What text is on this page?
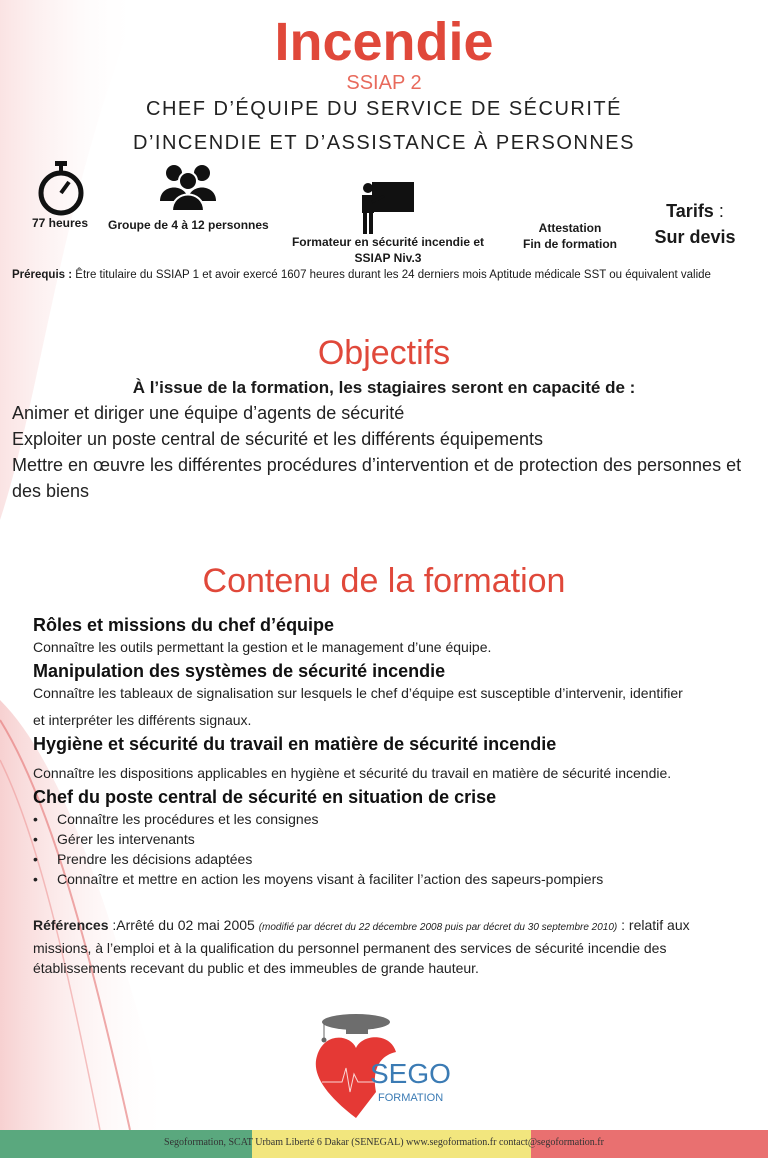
Incendie
SSIAP 2
CHEF D’ÉQUIPE DU SERVICE DE SÉCURITÉ
D’INCENDIE ET D’ASSISTANCE À PERSONNES
77 heures Groupe de 4 à 12 personnes
Formateur en sécurité incendie et
SSIAP Niv.3
Attestation
Fin de formation
Tarifs :
Sur devis
Prérequis : Être titulaire du SSIAP 1 et avoir exercé 1607 heures durant les 24 derniers mois Aptitude médicale SST ou équivalent valide
Objectifs
À l’issue de la formation, les stagiaires seront en capacité de :
Animer et diriger une équipe d’agents de sécurité
Exploiter un poste central de sécurité et les différents équipements
Mettre en œuvre les différentes procédures d’intervention et de protection des personnes et des biens
Contenu de la formation
Rôles et missions du chef d’équipe
Connaître les outils permettant la gestion et le management d’une équipe.
Manipulation des systèmes de sécurité incendie
Connaître les tableaux de signalisation sur lesquels le chef d’équipe est susceptible d’intervenir, identifier
et interpréter les différents signaux.
Hygiène et sécurité du travail en matière de sécurité incendie
Connaître les dispositions applicables en hygiène et sécurité du travail en matière de sécurité incendie.
Chef du poste central de sécurité en situation de crise
• Connaître les procédures et les consignes
• Gérer les intervenants
• Prendre les décisions adaptées
• Connaître et mettre en action les moyens visant à faciliter l’action des sapeurs-pompiers
Références :Arrêté du 02 mai 2005 (modifié par décret du 22 décembre 2008 puis par décret du 30 septembre 2010) : relatif aux missions, à l’emploi et à la qualification du personnel permanent des services de sécurité incendie des établissements recevant du public et des immeubles de grande hauteur.
SEGO
FORMATION
Segoformation, SCAT Urbam Liberté 6 Dakar (SENEGAL) www.segoformation.fr contact@segoformation.fr
